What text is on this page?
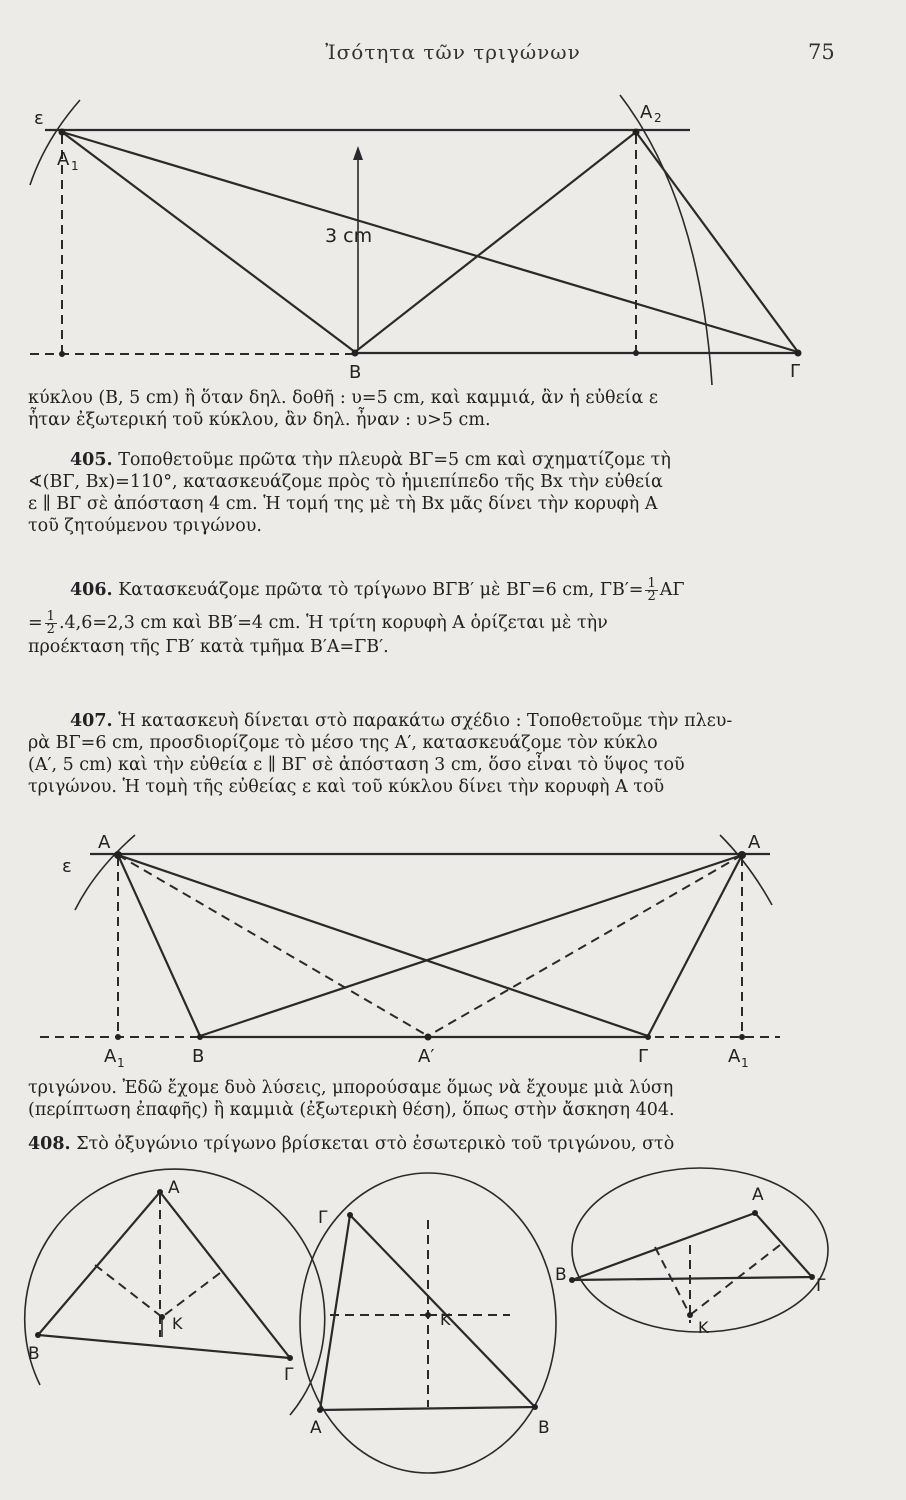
Ἰσότητα τῶν τριγώνων	75
ε
A 1
A 2
3 cm
B	Γ
κύκλου (Β, 5 cm) ἢ ὅταν δηλ. δοθῆ : υ=5 cm, καὶ καμμιά, ἂν ἡ εὐθεία ε
ἦταν ἐξωτερική τοῦ κύκλου, ἂν δηλ. ἦναν : υ>5 cm.
405. Τοποθετοῦμε πρῶτα τὴν πλευρὰ ΒΓ=5 cm καὶ σχηματίζομε τὴ
∢(ΒΓ, Βx)=110°, κατασκευάζομε πρὸς τὸ ἡμιεπίπεδο τῆς Βx τὴν εὐθεία
ε ∥ ΒΓ σὲ ἀπόσταση 4 cm. Ἡ τομή της μὲ τὴ Βx μᾶς δίνει τὴν κορυφὴ Α
τοῦ ζητούμενου τριγώνου.
406. Κατασκευάζομε πρῶτα τὸ τρίγωνο ΒΓΒ′ μὲ ΒΓ=6 cm, $\Gamma B'= \frac{1}{2}$ ΑΓ
= $\frac{1}{2} .4,6=2,3$ cm καὶ ΒΒ′=4 cm. Ἡ τρίτη κορυφὴ Α ὁρίζεται μὲ τὴν
προέκταση τῆς ΓΒ′ κατὰ τμῆμα Β′Α=ΓΒ′.
407. Ἡ κατασκευὴ δίνεται στὸ παρακάτω σχέδιο : Τοποθετοῦμε τὴν πλευ-
ρὰ ΒΓ=6 cm, προσδιορίζομε τὸ μέσο της Α′, κατασκευάζομε τὸν κύκλο
(Α′, 5 cm) καὶ τὴν εὐθεία ε ∥ ΒΓ σὲ ἀπόσταση 3 cm, ὅσο εἶναι τὸ ὕψος τοῦ
τριγώνου. Ἡ τομὴ τῆς εὐθείας ε καὶ τοῦ κύκλου δίνει τὴν κορυφὴ Α τοῦ
A	A
ε
A 1	B	A′	Γ	A 1
τριγώνου. Ἐδῶ ἔχομε δυὸ λύσεις, μπορούσαμε ὅμως νὰ ἔχουμε μιὰ λύση
(περίπτωση ἐπαφῆς) ἢ καμμιὰ (ἐξωτερικὴ θέση), ὅπως στὴν ἄσκηση 404.
408. Στὸ ὀξυγώνιο τρίγωνο βρίσκεται στὸ ἐσωτερικὸ τοῦ τριγώνου, στὸ
A
B
Γ
K
Γ
K
A	B
A
B
Γ
K
